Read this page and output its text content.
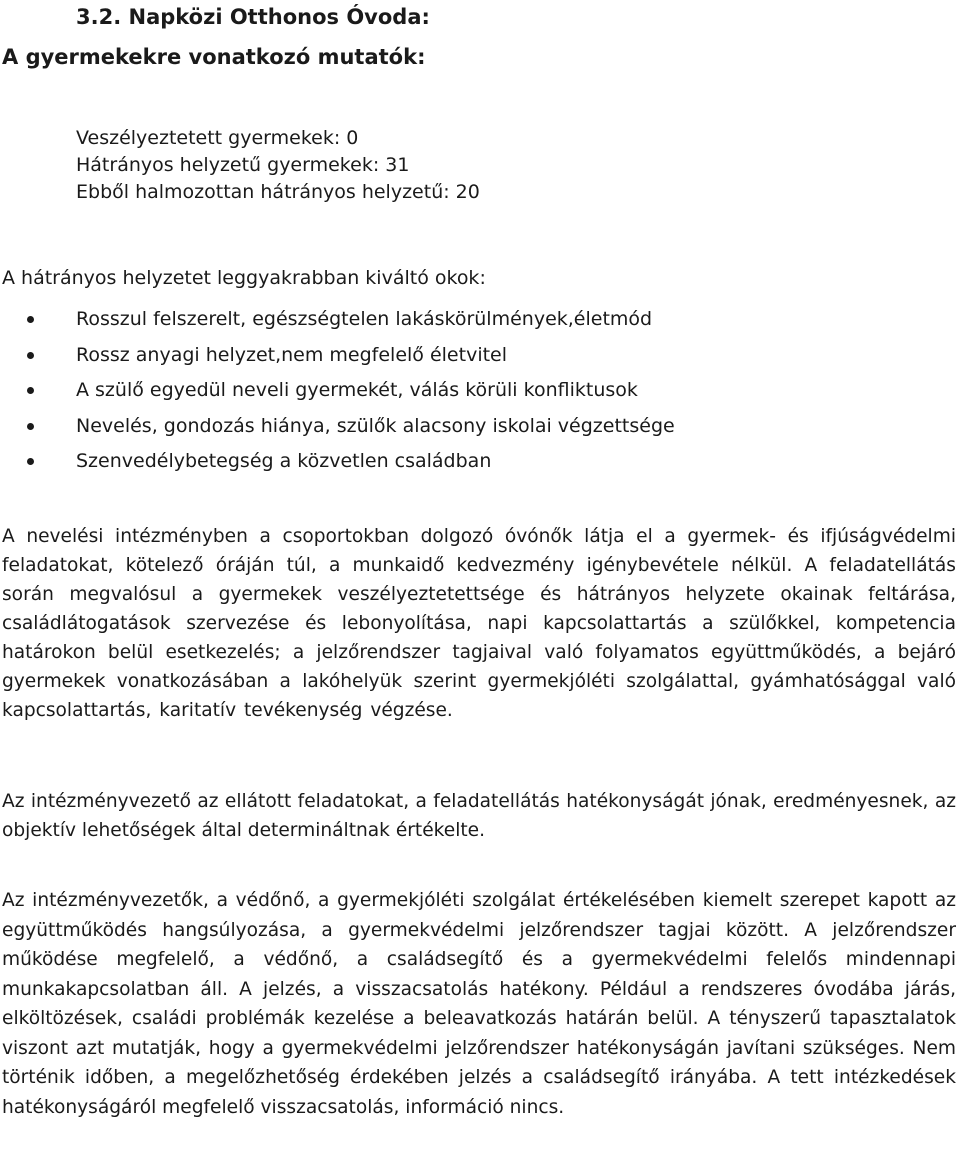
3.2. Napközi Otthonos Óvoda:
A gyermekekre vonatkozó mutatók:
Veszélyeztetett gyermekek: 0
Hátrányos helyzetű gyermekek: 31
Ebből halmozottan hátrányos helyzetű: 20
A hátrányos helyzetet leggyakrabban kiváltó okok:
Rosszul felszerelt, egészségtelen lakáskörülmények,életmód
Rossz anyagi helyzet,nem megfelelő életvitel
A szülő egyedül neveli gyermekét, válás körüli konfliktusok
Nevelés, gondozás hiánya, szülők alacsony iskolai végzettsége
Szenvedélybetegség a közvetlen családban

A nevelési intézményben a csoportokban dolgozó óvónők látja el a gyermek- és ifjúságvédelmi feladatokat, kötelező óráján túl, a munkaidő kedvezmény igénybevétele nélkül. A feladatellátás során megvalósul a gyermekek veszélyeztetettsége és hátrányos helyzete okainak feltárása, családlátogatások szervezése és lebonyolítása, napi kapcsolattartás a szülőkkel, kompetencia határokon belül esetkezelés; a jelzőrendszer tagjaival való folyamatos együttműködés, a bejáró gyermekek vonatkozásában a lakóhelyük szerint gyermekjóléti szolgálattal, gyámhatósággal való kapcsolattartás, karitatív tevékenység végzése.

Az intézményvezető az ellátott feladatokat, a feladatellátás hatékonyságát jónak, eredményesnek, az objektív lehetőségek által determináltnak értékelte.

Az intézményvezetők, a védőnő, a gyermekjóléti szolgálat értékelésében kiemelt szerepet kapott az együttműködés hangsúlyozása, a gyermekvédelmi jelzőrendszer tagjai között. A jelzőrendszer működése megfelelő, a védőnő, a családsegítő és a gyermekvédelmi felelős mindennapi munkakapcsolatban áll. A jelzés, a visszacsatolás hatékony. Például a rendszeres óvodába járás, elköltözések, családi problémák kezelése a beleavatkozás határán belül. A tényszerű tapasztalatok viszont azt mutatják, hogy a gyermekvédelmi jelzőrendszer hatékonyságán javítani szükséges. Nem történik időben, a megelőzhetőség érdekében jelzés a családsegítő irányába. A tett intézkedések hatékonyságáról megfelelő visszacsatolás, információ nincs.
